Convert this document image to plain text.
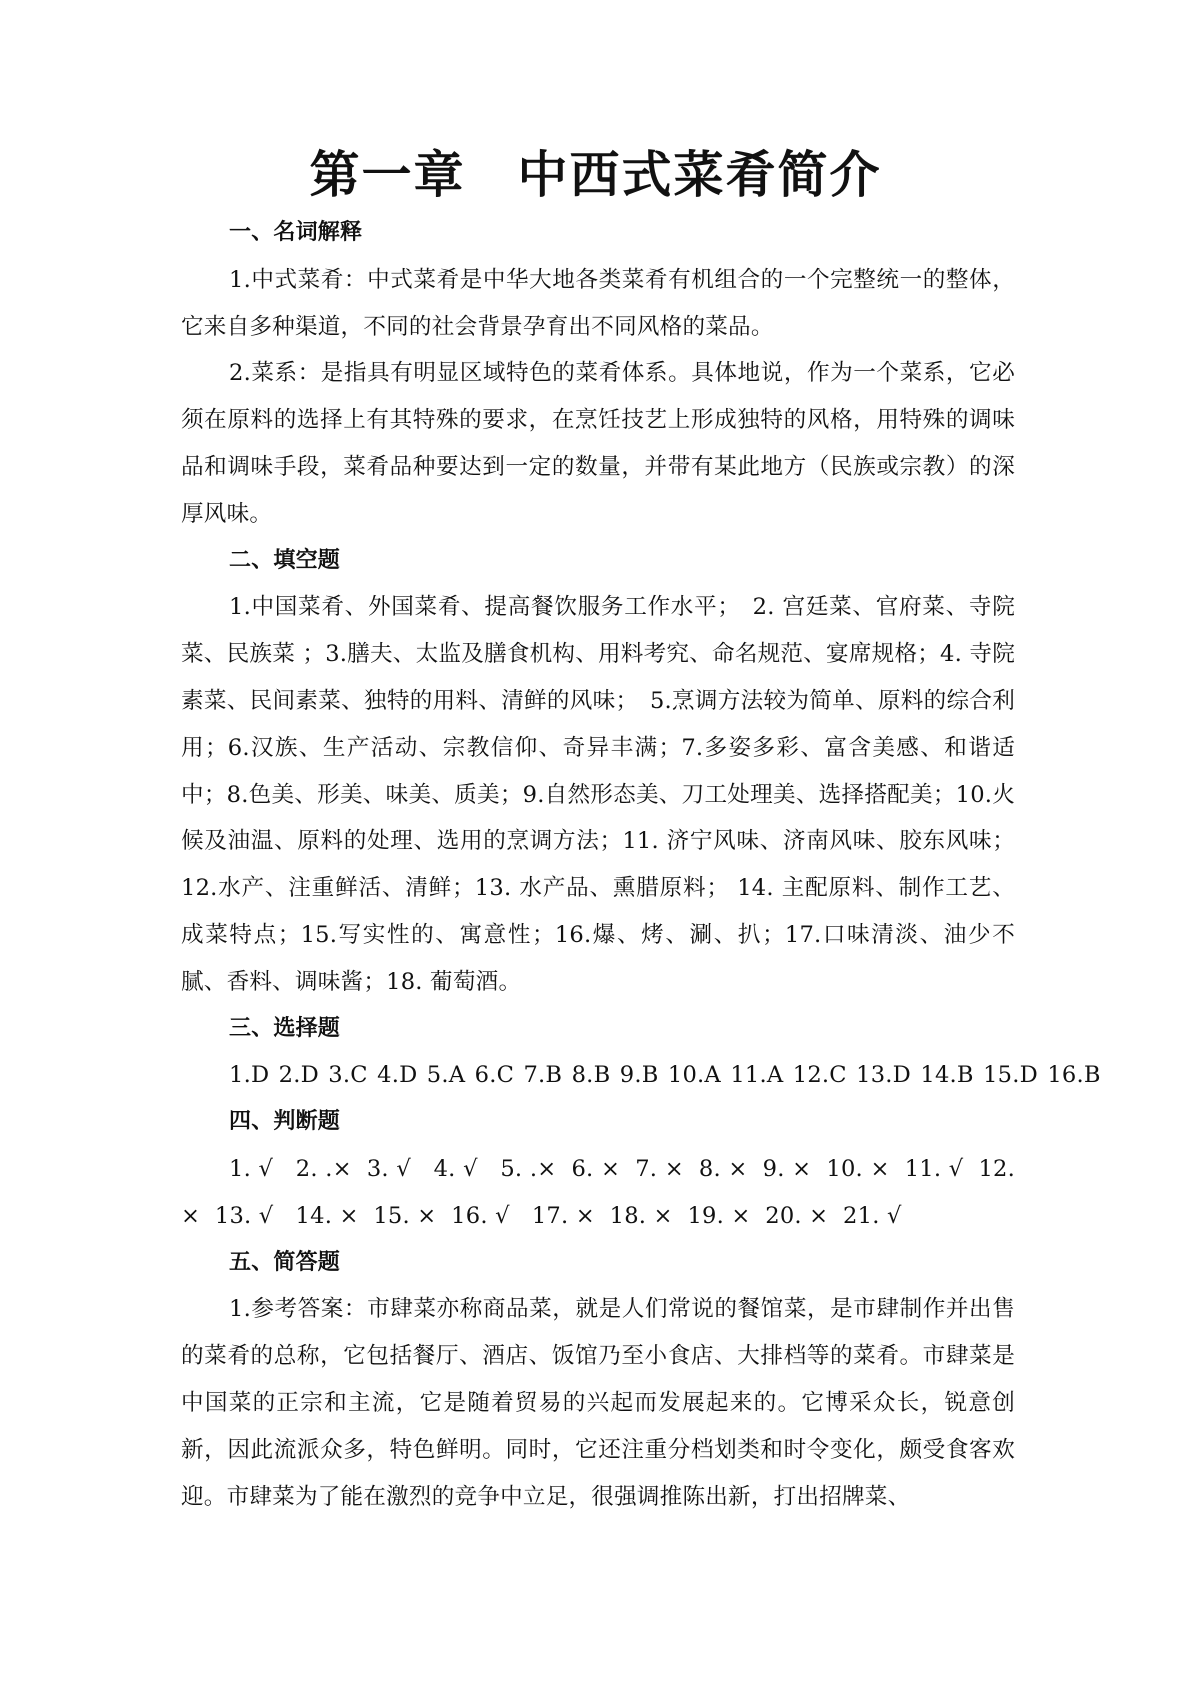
第一章　中西式菜肴简介

一、名词解释

1.中式菜肴：中式菜肴是中华大地各类菜肴有机组合的一个完整统一的整体，它来自多种渠道，不同的社会背景孕育出不同风格的菜品。

2.菜系：是指具有明显区域特色的菜肴体系。具体地说，作为一个菜系，它必须在原料的选择上有其特殊的要求，在烹饪技艺上形成独特的风格，用特殊的调味品和调味手段，菜肴品种要达到一定的数量，并带有某此地方（民族或宗教）的深厚风味。

二、填空题

1.中国菜肴、外国菜肴、提高餐饮服务工作水平；　2. 宫廷菜、官府菜、寺院菜、民族菜 ；3.膳夫、太监及膳食机构、用料考究、命名规范、宴席规格；4. 寺院素菜、民间素菜、独特的用料、清鲜的风味；　5.烹调方法较为简单、原料的综合利用；6.汉族、生产活动、宗教信仰、奇异丰满；7.多姿多彩、富含美感、和谐适中；8.色美、形美、味美、质美；9.自然形态美、刀工处理美、选择搭配美；10.火候及油温、原料的处理、选用的烹调方法；11. 济宁风味、济南风味、胶东风味；12.水产、注重鲜活、清鲜；13. 水产品、熏腊原料； 14. 主配原料、制作工艺、成菜特点；15.写实性的、寓意性；16.爆、烤、涮、扒；17.口味清淡、油少不腻、香料、调味酱；18. 葡萄酒。

三、选择题

1.D 2.D 3.C 4.D 5.A 6.C 7.B 8.B 9.B 10.A 11.A 12.C 13.D 14.B 15.D 16.B

四、判断题

1. √   2. .×  3. √   4. √   5. .×  6. ×  7. ×  8. ×  9. ×  10. ×  11. √  12. ×  13. √   14. ×  15. ×  16. √   17. ×  18. ×  19. ×  20. ×  21. √

五、简答题

1.参考答案：市肆菜亦称商品菜，就是人们常说的餐馆菜，是市肆制作并出售的菜肴的总称，它包括餐厅、酒店、饭馆乃至小食店、大排档等的菜肴。市肆菜是中国菜的正宗和主流，它是随着贸易的兴起而发展起来的。它博采众长，锐意创新，因此流派众多，特色鲜明。同时，它还注重分档划类和时令变化，颇受食客欢迎。市肆菜为了能在激烈的竞争中立足，很强调推陈出新，打出招牌菜、
